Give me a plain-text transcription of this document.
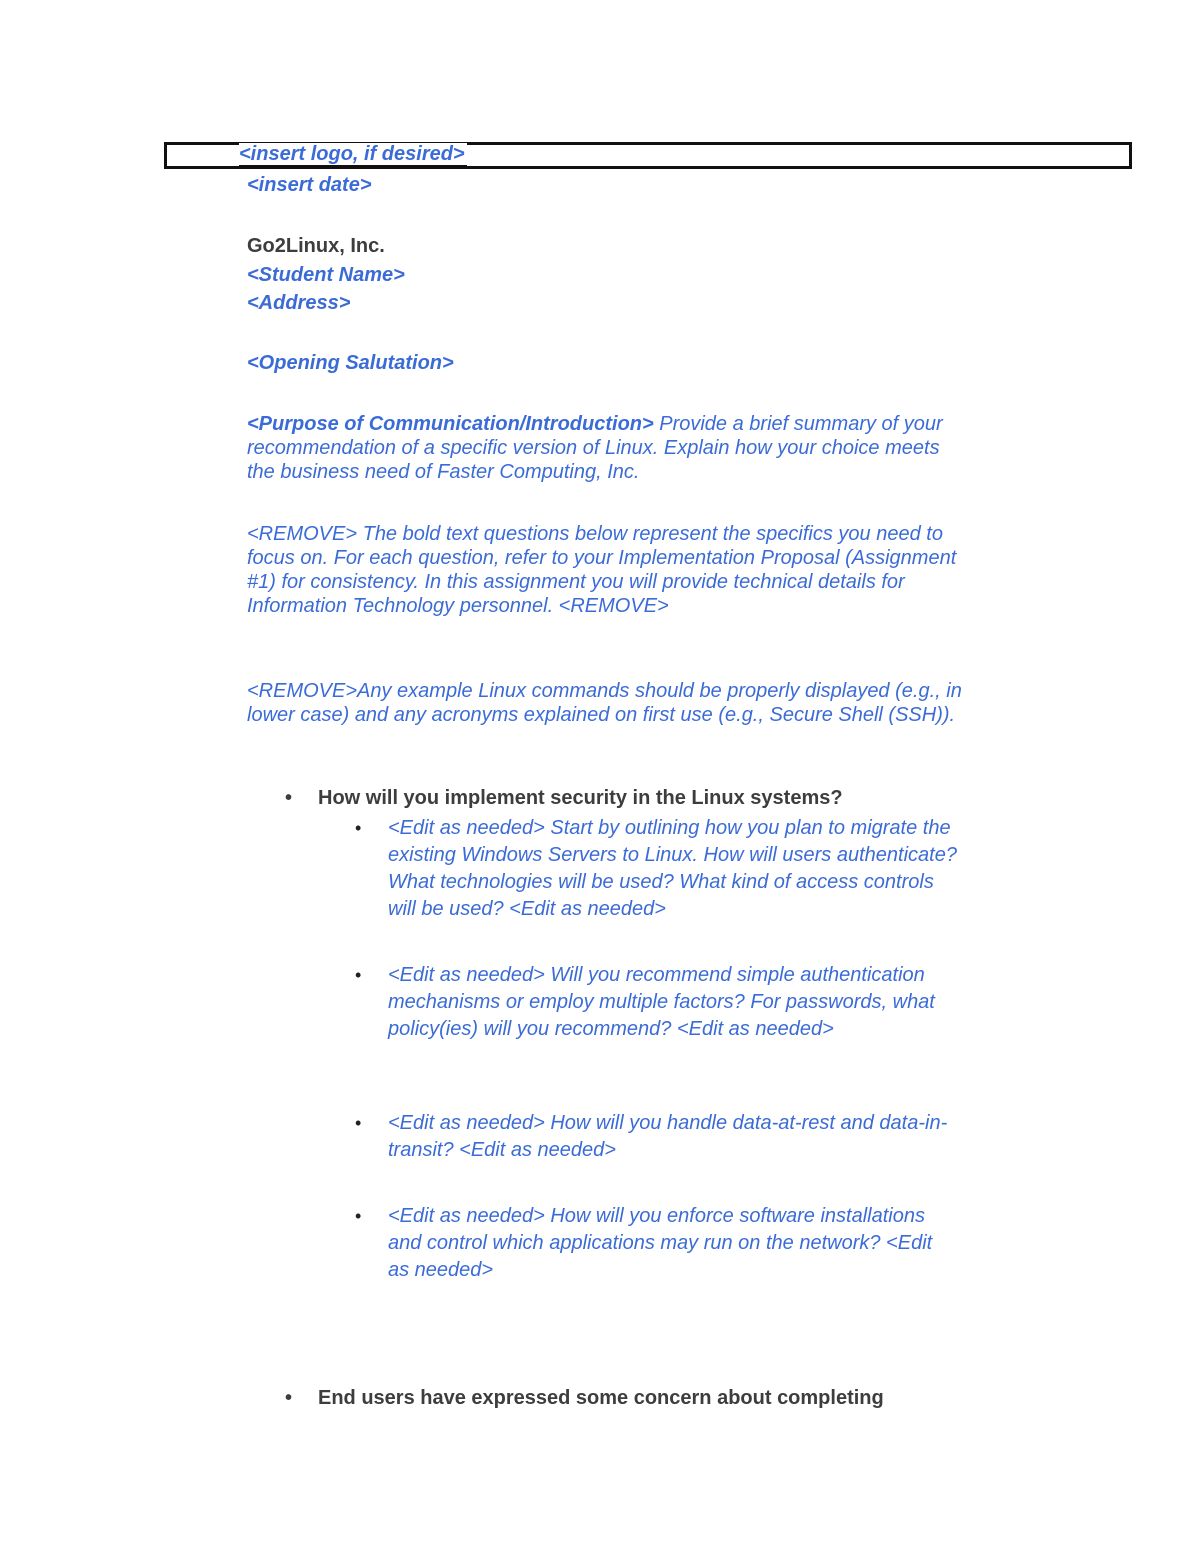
<insert logo, if desired>
<insert date>
Go2Linux, Inc.
<Student Name>
<Address>
<Opening Salutation>
<Purpose of Communication/Introduction> Provide a brief summary of your recommendation of a specific version of Linux. Explain how your choice meets the business need of Faster Computing, Inc.
<REMOVE> The bold text questions below represent the specifics you need to focus on. For each question, refer to your Implementation Proposal (Assignment #1) for consistency. In this assignment you will provide technical details for Information Technology personnel. <REMOVE>
<REMOVE>Any example Linux commands should be properly displayed (e.g., in lower case) and any acronyms explained on first use (e.g., Secure Shell (SSH)).
• How will you implement security in the Linux systems?
• <Edit as needed> Start by outlining how you plan to migrate the existing Windows Servers to Linux. How will users authenticate? What technologies will be used? What kind of access controls will be used? <Edit as needed>
• <Edit as needed> Will you recommend simple authentication mechanisms or employ multiple factors? For passwords, what policy(ies) will you recommend? <Edit as needed>
• <Edit as needed> How will you handle data-at-rest and data-in-transit? <Edit as needed>
• <Edit as needed> How will you enforce software installations and control which applications may run on the network? <Edit as needed>
• End users have expressed some concern about completing
